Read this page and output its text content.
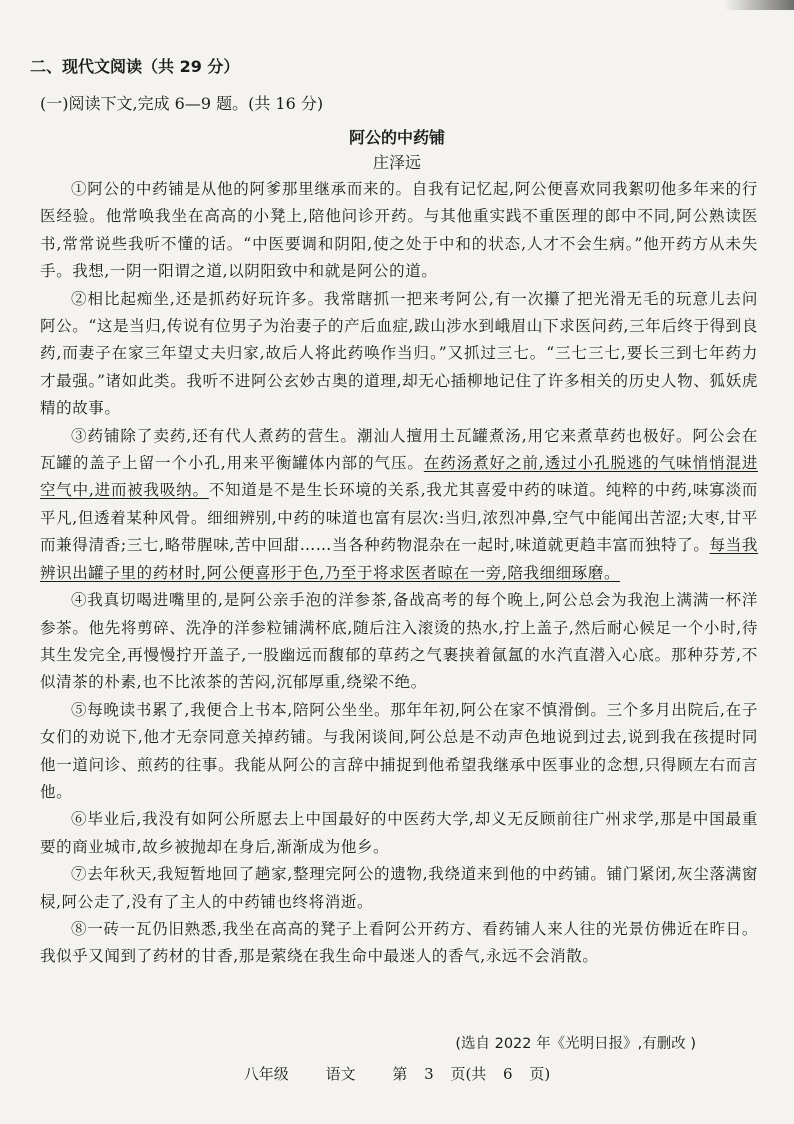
二、现代文阅读（共 29 分）
(一)阅读下文,完成 6—9 题。(共 16 分)
阿公的中药铺
庄泽远

①阿公的中药铺是从他的阿爹那里继承而来的。自我有记忆起,阿公便喜欢同我絮叨他多年来的行医经验。他常唤我坐在高高的小凳上,陪他问诊开药。与其他重实践不重医理的郎中不同,阿公熟读医书,常常说些我听不懂的话。“中医要调和阴阳,使之处于中和的状态,人才不会生病。”他开药方从未失手。我想,一阴一阳谓之道,以阴阳致中和就是阿公的道。

②相比起痴坐,还是抓药好玩许多。我常瞎抓一把来考阿公,有一次攥了把光滑无毛的玩意儿去问阿公。“这是当归,传说有位男子为治妻子的产后血症,跋山涉水到峨眉山下求医问药,三年后终于得到良药,而妻子在家三年望丈夫归家,故后人将此药唤作当归。”又抓过三七。“三七三七,要长三到七年药力才最强。”诸如此类。我听不进阿公玄妙古奥的道理,却无心插柳地记住了许多相关的历史人物、狐妖虎精的故事。

③药铺除了卖药,还有代人煮药的营生。潮汕人擅用土瓦罐煮汤,用它来煮草药也极好。阿公会在瓦罐的盖子上留一个小孔,用来平衡罐体内部的气压。在药汤煮好之前,透过小孔脱逃的气味悄悄混进空气中,进而被我吸纳。不知道是不是生长环境的关系,我尤其喜爱中药的味道。纯粹的中药,味寡淡而平凡,但透着某种风骨。细细辨别,中药的味道也富有层次:当归,浓烈冲鼻,空气中能闻出苦涩;大枣,甘平而兼得清香;三七,略带腥味,苦中回甜……当各种药物混杂在一起时,味道就更趋丰富而独特了。每当我辨识出罐子里的药材时,阿公便喜形于色,乃至于将求医者晾在一旁,陪我细细琢磨。

④我真切喝进嘴里的,是阿公亲手泡的洋参茶,备战高考的每个晚上,阿公总会为我泡上满满一杯洋参茶。他先将剪碎、洗净的洋参粒铺满杯底,随后注入滚烫的热水,拧上盖子,然后耐心候足一个小时,待其生发完全,再慢慢拧开盖子,一股幽远而馥郁的草药之气裹挟着氤氲的水汽直潜入心底。那种芬芳,不似清茶的朴素,也不比浓茶的苦闷,沉郁厚重,绕梁不绝。

⑤每晚读书累了,我便合上书本,陪阿公坐坐。那年年初,阿公在家不慎滑倒。三个多月出院后,在子女们的劝说下,他才无奈同意关掉药铺。与我闲谈间,阿公总是不动声色地说到过去,说到我在孩提时同他一道问诊、煎药的往事。我能从阿公的言辞中捕捉到他希望我继承中医事业的念想,只得顾左右而言他。

⑥毕业后,我没有如阿公所愿去上中国最好的中医药大学,却义无反顾前往广州求学,那是中国最重要的商业城市,故乡被抛却在身后,渐渐成为他乡。

⑦去年秋天,我短暂地回了趟家,整理完阿公的遗物,我绕道来到他的中药铺。铺门紧闭,灰尘落满窗棂,阿公走了,没有了主人的中药铺也终将消逝。

⑧一砖一瓦仍旧熟悉,我坐在高高的凳子上看阿公开药方、看药铺人来人往的光景仿佛近在昨日。我似乎又闻到了药材的甘香,那是萦绕在我生命中最迷人的香气,永远不会消散。

(选自 2022 年《光明日报》,有删改 )
八年级 语文 第 3 页(共 6 页)
